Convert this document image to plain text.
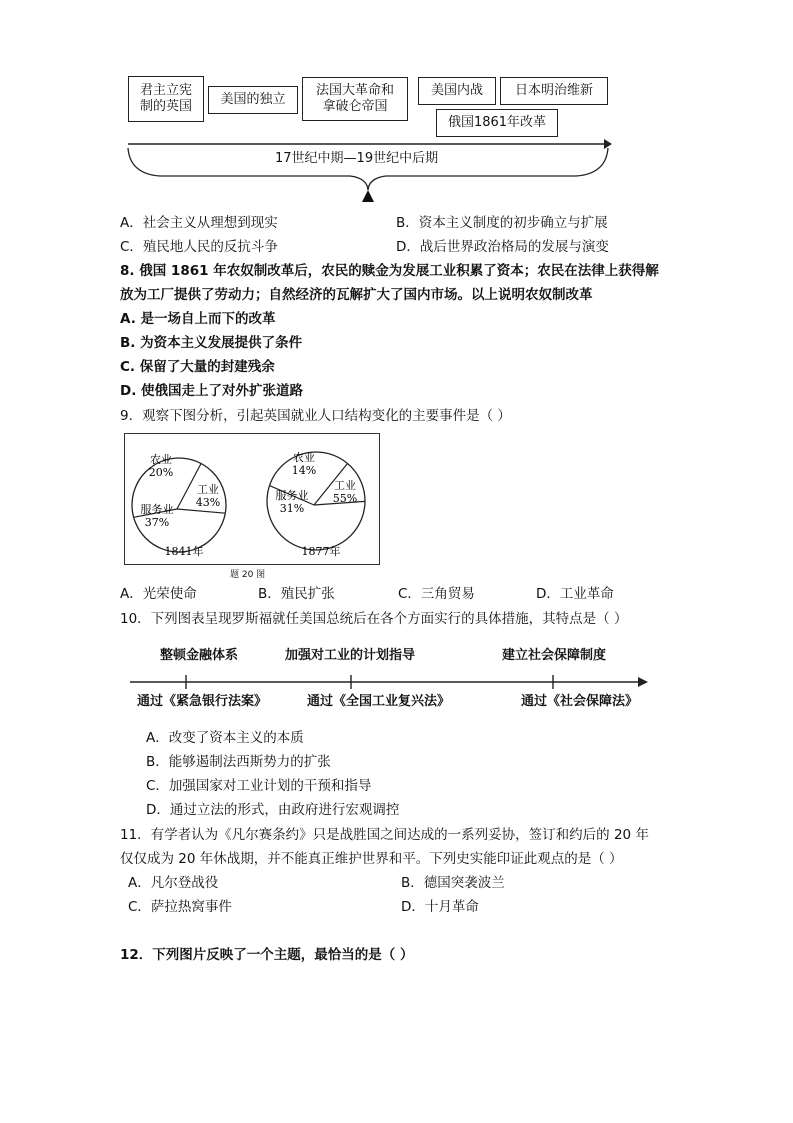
君主立宪
制的英国	美国的独立
法国大革命和
拿破仑帝国
美国内战	日本明治维新
俄国1861年改革
17世纪中期—19世纪中后期
A．社会主义从理想到现实	B．资本主义制度的初步确立与扩展
C．殖民地人民的反抗斗争	D．战后世界政治格局的发展与演变
8. 俄国 1861 年农奴制改革后，农民的赎金为发展工业积累了资本；农民在法律上获得解
放为工厂提供了劳动力；自然经济的瓦解扩大了国内市场。以上说明农奴制改革
A. 是一场自上而下的改革
B. 为资本主义发展提供了条件
C. 保留了大量的封建残余
D. 使俄国走上了对外扩张道路
9．观察下图分析，引起英国就业人口结构变化的主要事件是（ ）
农业
20%
工业
43%
服务业
37%
1841年
农业
14%
工业
55%
服务业
31%
1877年
题 20 图
A．光荣使命	B．殖民扩张	C．三角贸易	D．工业革命
10．下列图表呈现罗斯福就任美国总统后在各个方面实行的具体措施，其特点是（ ）
整顿金融体系	加强对工业的计划指导	建立社会保障制度
通过《紧急银行法案》	通过《全国工业复兴法》	通过《社会保障法》
A．改变了资本主义的本质
B．能够遏制法西斯势力的扩张
C．加强国家对工业计划的干预和指导
D．通过立法的形式，由政府进行宏观调控
11．有学者认为《凡尔赛条约》只是战胜国之间达成的一系列妥协，签订和约后的 20 年
仅仅成为 20 年休战期，并不能真正维护世界和平。下列史实能印证此观点的是（ ）
A．凡尔登战役	B．德国突袭波兰
C．萨拉热窝事件	D．十月革命
12．下列图片反映了一个主题，最恰当的是（ ）
